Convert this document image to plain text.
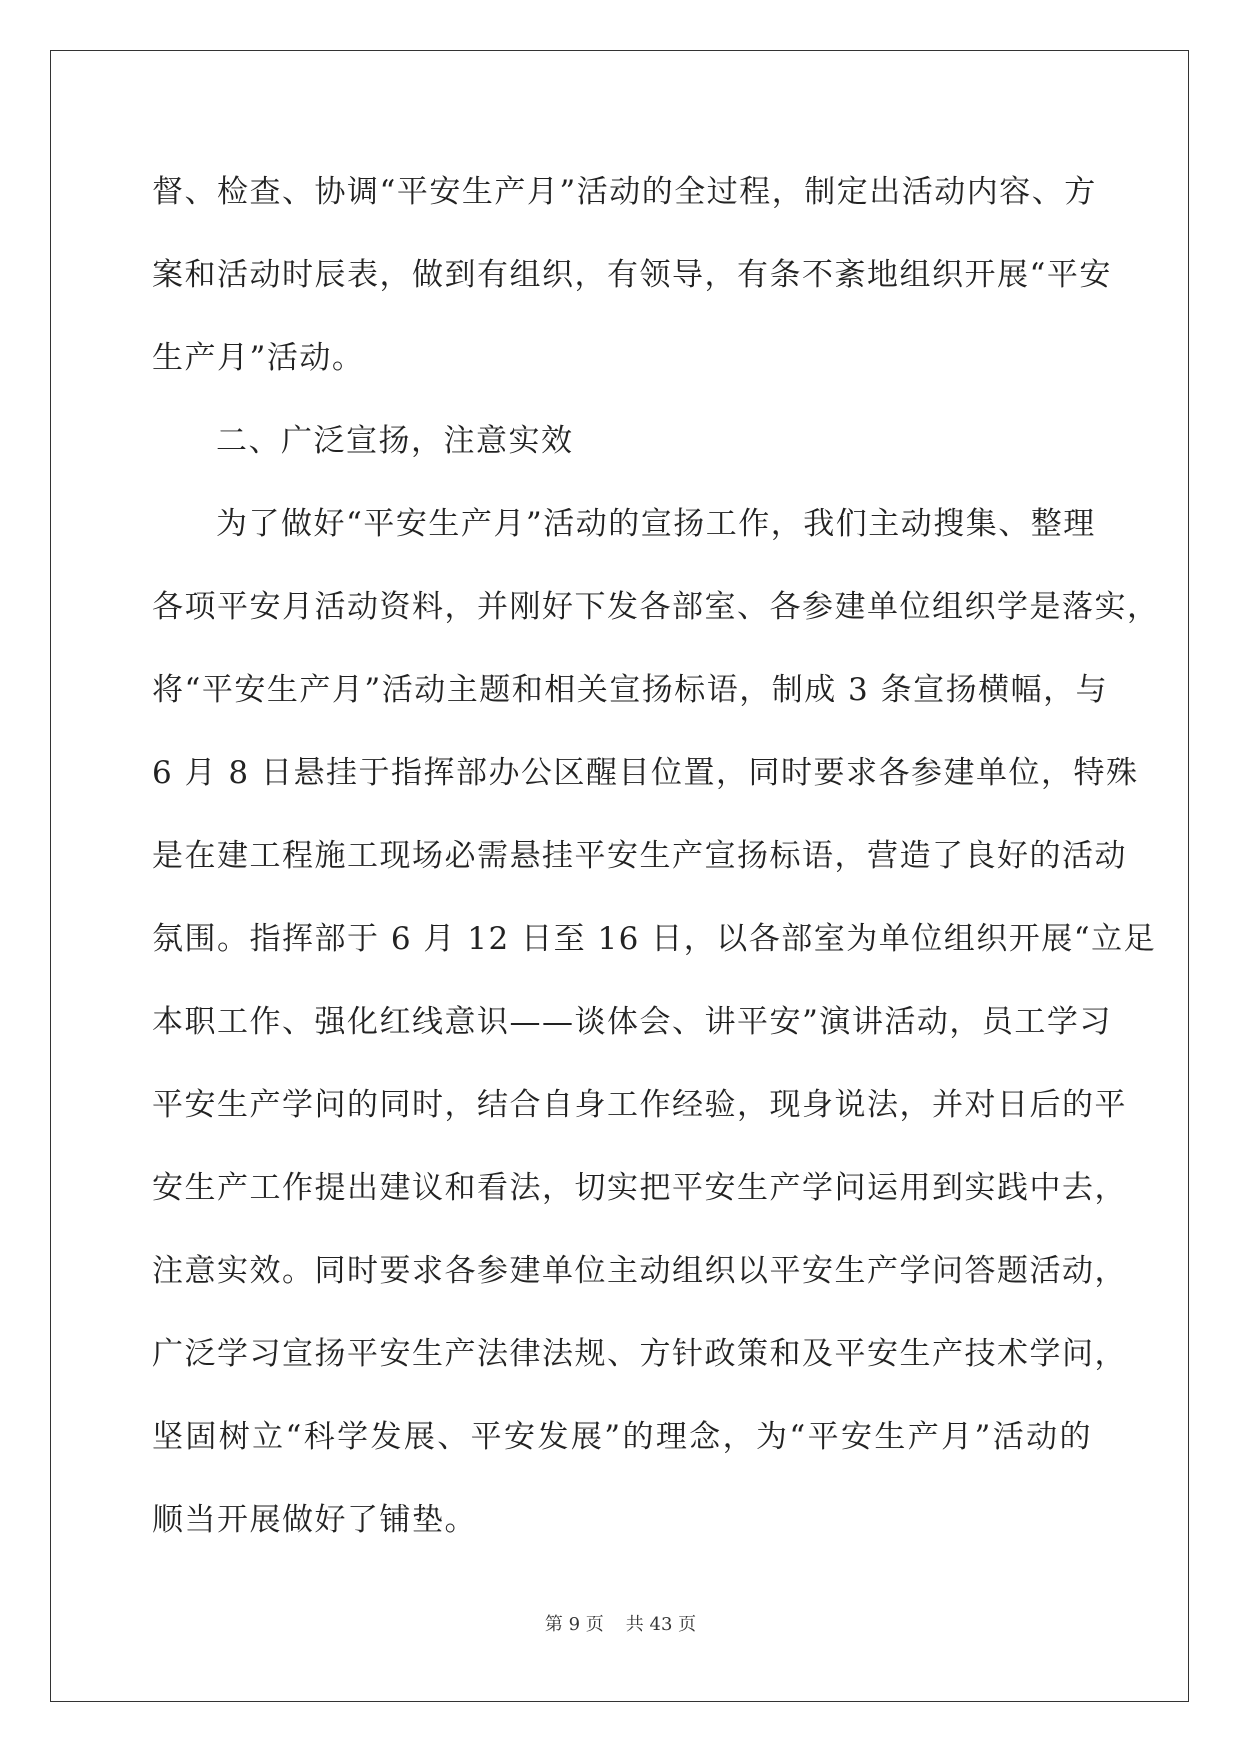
督、检查、协调“平安生产月”活动的全过程，制定出活动内容、方
案和活动时辰表，做到有组织，有领导，有条不紊地组织开展“平安
生产月”活动。
二、广泛宣扬，注意实效
为了做好“平安生产月”活动的宣扬工作，我们主动搜集、整理
各项平安月活动资料，并刚好下发各部室、各参建单位组织学是落实，
将“平安生产月”活动主题和相关宣扬标语，制成 3 条宣扬横幅，与
6 月 8 日悬挂于指挥部办公区醒目位置，同时要求各参建单位，特殊
是在建工程施工现场必需悬挂平安生产宣扬标语，营造了良好的活动
氛围。指挥部于 6 月 12 日至 16 日，以各部室为单位组织开展“立足
本职工作、强化红线意识——谈体会、讲平安”演讲活动，员工学习
平安生产学问的同时，结合自身工作经验，现身说法，并对日后的平
安生产工作提出建议和看法，切实把平安生产学问运用到实践中去，
注意实效。同时要求各参建单位主动组织以平安生产学问答题活动，
广泛学习宣扬平安生产法律法规、方针政策和及平安生产技术学问，
坚固树立“科学发展、平安发展”的理念，为“平安生产月”活动的
顺当开展做好了铺垫。
第 9 页 共 43 页
